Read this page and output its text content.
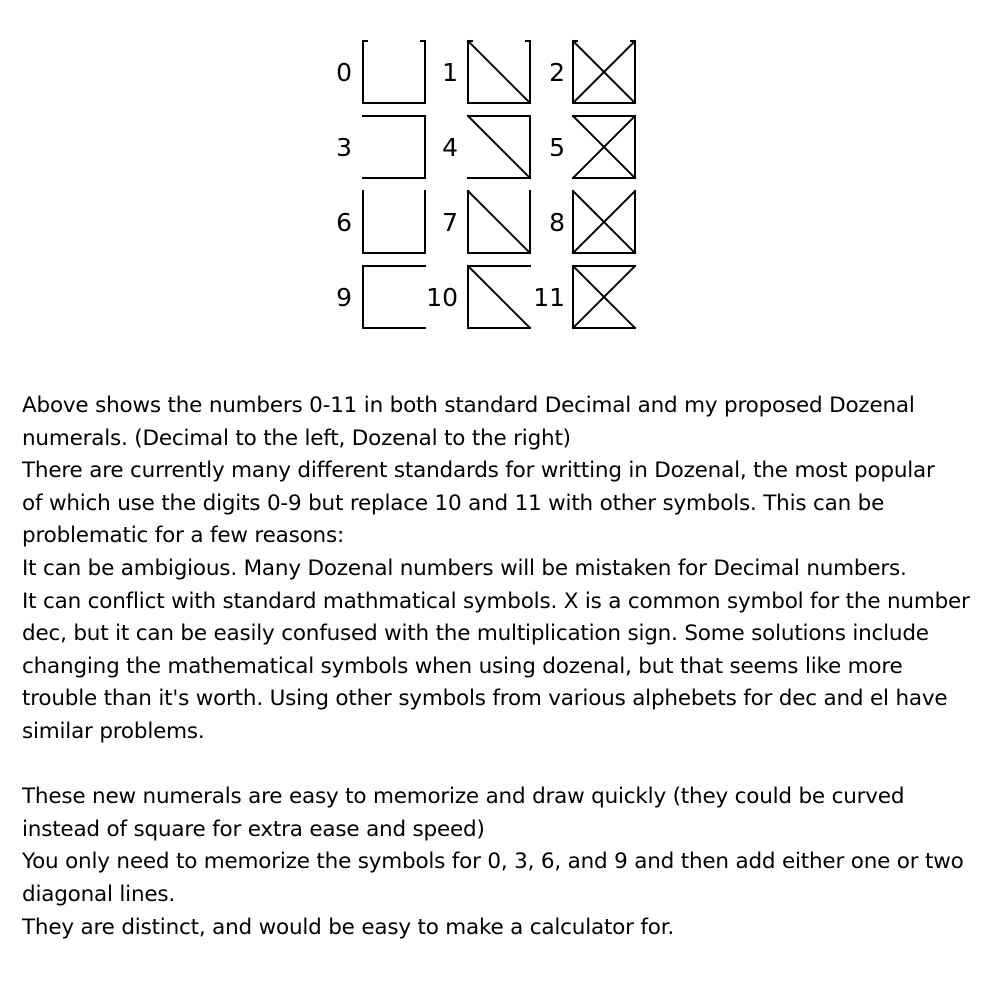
0	1	2
3	4	5
6	7	8
9	10	11

Above shows the numbers 0-11 in both standard Decimal and my proposed Dozenal

numerals. (Decimal to the left, Dozenal to the right)

There are currently many different standards for writting in Dozenal, the most popular

of which use the digits 0-9 but replace 10 and 11 with other symbols. This can be

problematic for a few reasons:

It can be ambigious. Many Dozenal numbers will be mistaken for Decimal numbers.

It can conflict with standard mathmatical symbols. X is a common symbol for the number

dec, but it can be easily confused with the multiplication sign. Some solutions include

changing the mathematical symbols when using dozenal, but that seems like more

trouble than it's worth. Using other symbols from various alphebets for dec and el have

similar problems.

These new numerals are easy to memorize and draw quickly (they could be curved

instead of square for extra ease and speed)

You only need to memorize the symbols for 0, 3, 6, and 9 and then add either one or two

diagonal lines.

They are distinct, and would be easy to make a calculator for.
